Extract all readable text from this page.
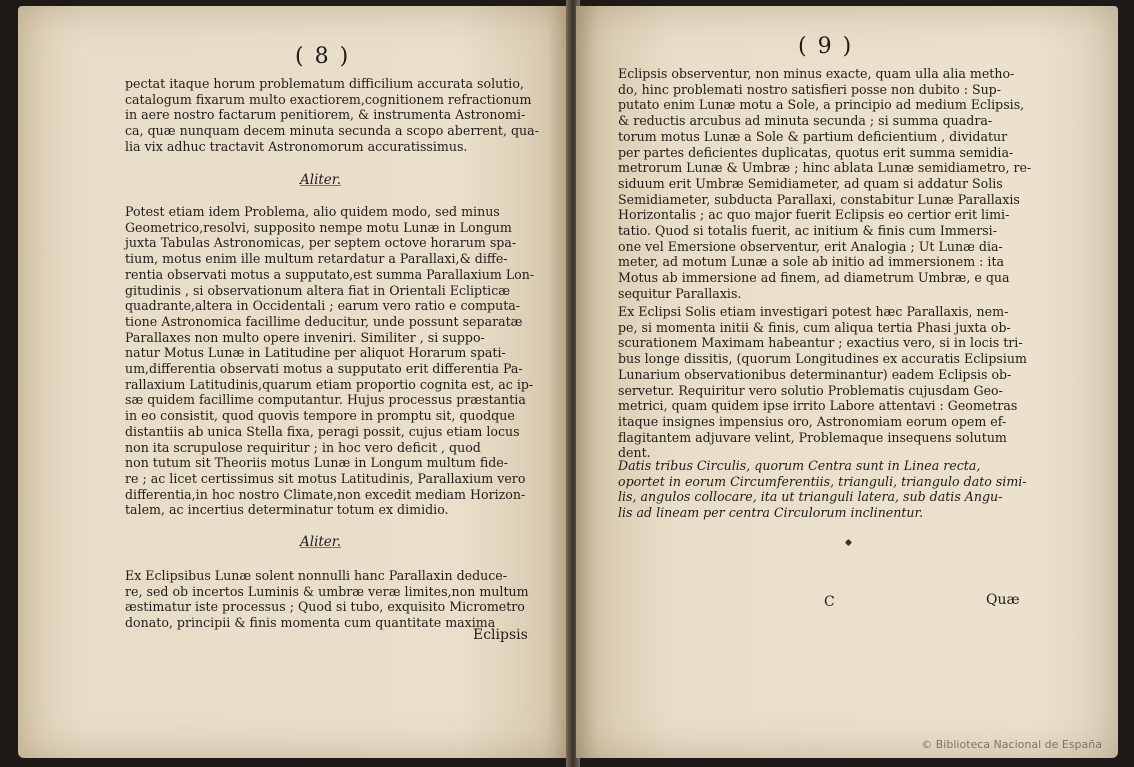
( 8 )
pectat itaque horum problematum difficilium accurata solutio,
catalogum fixarum multo exactiorem,cognitionem refractionum
in aere nostro factarum penitiorem, & instrumenta Astronomi-
ca, quæ nunquam decem minuta secunda a scopo aberrent, qua-
lia vix adhuc tractavit Astronomorum accuratissimus.
Aliter.
Potest etiam idem Problema, alio quidem modo, sed minus
Geometrico,resolvi, supposito nempe motu Lunæ in Longum
juxta Tabulas Astronomicas, per septem octove horarum spa-
tium, motus enim ille multum retardatur a Parallaxi,& diffe-
rentia observati motus a supputato,est summa Parallaxium Lon-
gitudinis , si observationum altera fiat in Orientali Eclipticæ
quadrante,altera in Occidentali ; earum vero ratio e computa-
tione Astronomica facillime deducitur, unde possunt separatæ
Parallaxes non multo opere inveniri. Similiter , si suppo-
natur Motus Lunæ in Latitudine per aliquot Horarum spati-
um,differentia observati motus a supputato erit differentia Pa-
rallaxium Latitudinis,quarum etiam proportio cognita est, ac ip-
sæ quidem facillime computantur. Hujus processus præstantia
in eo consistit, quod quovis tempore in promptu sit, quodque
distantiis ab unica Stella fixa, peragi possit, cujus etiam locus
non ita scrupulose requiritur ; in hoc vero deficit , quod
non tutum sit Theoriis motus Lunæ in Longum multum fide-
re ; ac licet certissimus sit motus Latitudinis, Parallaxium vero
differentia,in hoc nostro Climate,non excedit mediam Horizon-
talem, ac incertius determinatur totum ex dimidio.
Aliter.
Ex Eclipsibus Lunæ solent nonnulli hanc Parallaxin deduce-
re, sed ob incertos Luminis & umbræ veræ limites,non multum
æstimatur iste processus ; Quod si tubo, exquisito Micrometro
donato, principii & finis momenta cum quantitate maxima
Eclipsis
( 9 )
Eclipsis observentur, non minus exacte, quam ulla alia metho-
do, hinc problemati nostro satisfieri posse non dubito : Sup-
putato enim Lunæ motu a Sole, a principio ad medium Eclipsis,
& reductis arcubus ad minuta secunda ; si summa quadra-
torum motus Lunæ a Sole & partium deficientium , dividatur
per partes deficientes duplicatas, quotus erit summa semidia-
metrorum Lunæ & Umbræ ; hinc ablata Lunæ semidiametro, re-
siduum erit Umbræ Semidiameter, ad quam si addatur Solis
Semidiameter, subducta Parallaxi, constabitur Lunæ Parallaxis
Horizontalis ; ac quo major fuerit Eclipsis eo certior erit limi-
tatio. Quod si totalis fuerit, ac initium & finis cum Immersi-
one vel Emersione observentur, erit Analogia ; Ut Lunæ dia-
meter, ad motum Lunæ a sole ab initio ad immersionem : ita
Motus ab immersione ad finem, ad diametrum Umbræ, e qua
sequitur Parallaxis.
Ex Eclipsi Solis etiam investigari potest hæc Parallaxis, nem-
pe, si momenta initii & finis, cum aliqua tertia Phasi juxta ob-
scurationem Maximam habeantur ; exactius vero, si in locis tri-
bus longe dissitis, (quorum Longitudines ex accuratis Eclipsium
Lunarium observationibus determinantur) eadem Eclipsis ob-
servetur. Requiritur vero solutio Problematis cujusdam Geo-
metrici, quam quidem ipse irrito Labore attentavi : Geometras
itaque insignes impensius oro, Astronomiam eorum opem ef-
flagitantem adjuvare velint, Problemaque insequens solutum
dent.
Datis tribus Circulis, quorum Centra sunt in Linea recta,
oportet in eorum Circumferentiis, trianguli, triangulo dato simi-
lis, angulos collocare, ita ut trianguli latera, sub datis Angu-
lis ad lineam per centra Circulorum inclinentur.
C	Quæ
© Biblioteca Nacional de España
